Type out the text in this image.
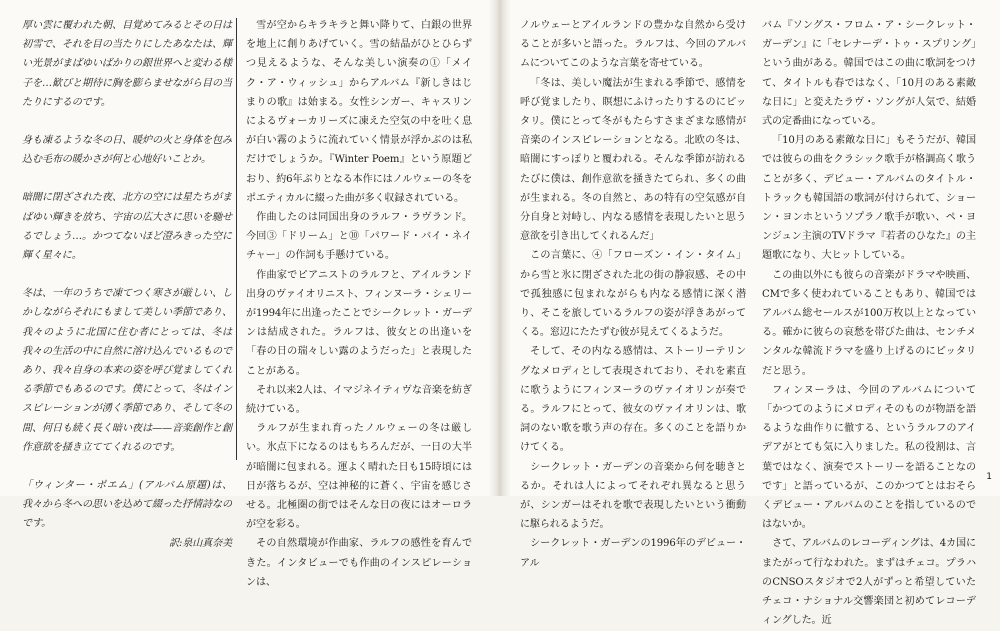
厚い雲に覆われた朝、目覚めてみるとその日は初雪で、それを目の当たりにしたあなたは、輝い光景がまばゆいばかりの銀世界へと変わる様子を…歓びと期待に胸を膨らませながら目の当たりにするのです。

身も凍るような冬の日、暖炉の火と身体を包み込む毛布の暖かさが何と心地好いことか。

暗闇に閉ざされた夜、北方の空には星たちがまばゆい輝きを放ち、宇宙の広大さに思いを馳せるでしょう…。かつてないほど澄みきった空に輝く星々に。

冬は、一年のうちで凍てつく寒さが厳しい、しかしながらそれにもまして美しい季節であり、我々のように北国に住む者にとっては、冬は我々の生活の中に自然に溶け込んでいるものであり、我々自身の本来の姿を呼び覚ましてくれる季節でもあるのです。僕にとって、冬はインスピレーションが湧く季節であり、そして冬の間、何日も続く長く暗い夜は——音楽創作と創作意欲を掻き立ててくれるのです。

「ウィンター・ポエム」(アルバム原題)は、我々から冬への思いを込めて綴った抒情詩なのです。

訳:泉山真奈美

雪が空からキラキラと舞い降りて、白銀の世界を地上に創りあげていく。雪の結晶がひとひらずつ見えるような、そんな美しい演奏の①「メイク・ア・ウィッシュ」からアルバム『新しきはじまりの歌』は始まる。女性シンガー、キャスリンによるヴォーカリーズに凍えた空気の中を吐く息が白い霧のように流れていく情景が浮かぶのは私だけでしょうか。『Winter Poem』という原題どおり、約6年ぶりとなる本作にはノルウェーの冬をポエティカルに綴った曲が多く収録されている。

作曲したのは同国出身のラルフ・ラヴランド。今回③「ドリーム」と⑩「パワード・バイ・ネイチャー」の作詞も手懸けている。

作曲家でピアニストのラルフと、アイルランド出身のヴァイオリニスト、フィンヌーラ・シェリーが1994年に出逢ったことでシークレット・ガーデンは結成された。ラルフは、彼女との出逢いを「春の日の瑞々しい露のようだった」と表現したことがある。

それ以来2人は、イマジネイティヴな音楽を紡ぎ続けている。

ラルフが生まれ育ったノルウェーの冬は厳しい。氷点下になるのはもちろんだが、一日の大半が暗闇に包まれる。運よく晴れた日も15時頃には日が落ちるが、空は神秘的に蒼く、宇宙を感じさせる。北極圏の街ではそんな日の夜にはオーロラが空を彩る。

その自然環境が作曲家、ラルフの感性を育んできた。インタビューでも作曲のインスピレーションは、

ノルウェーとアイルランドの豊かな自然から受けることが多いと語った。ラルフは、今回のアルバムについてこのような言葉を寄せている。

「冬は、美しい魔法が生まれる季節で、感情を呼び覚ましたり、瞑想にふけったりするのにピッタリ。僕にとって冬がもたらすさまざまな感情が音楽のインスピレーションとなる。北欧の冬は、暗闇にすっぽりと覆われる。そんな季節が訪れるたびに僕は、創作意欲を掻きたてられ、多くの曲が生まれる。冬の自然と、あの特有の空気感が自分自身と対峙し、内なる感情を表現したいと思う意欲を引き出してくれるんだ」

この言葉に、④「フローズン・イン・タイム」から雪と氷に閉ざされた北の街の静寂感、その中で孤独感に包まれながらも内なる感情に深く潜り、そこを旅しているラルフの姿が浮きあがってくる。窓辺にたたずむ彼が見えてくるようだ。

そして、その内なる感情は、ストーリーテリングなメロディとして表現されており、それを素直に歌うようにフィンヌーラのヴァイオリンが奏でる。ラルフにとって、彼女のヴァイオリンは、歌詞のない歌を歌う声の存在。多くのことを語りかけてくる。

シークレット・ガーデンの音楽から何を聴きとるか。それは人によってそれぞれ異なると思うが、シンガーはそれを歌で表現したいという衝動に駆られるようだ。

シークレット・ガーデンの1996年のデビュー・アル

バム『ソングス・フロム・ア・シークレット・ガーデン』に「セレナーデ・トゥ・スプリング」という曲がある。韓国ではこの曲に歌詞をつけて、タイトルも春ではなく、「10月のある素敵な日に」と変えたラヴ・ソングが人気で、結婚式の定番曲になっている。

「10月のある素敵な日に」もそうだが、韓国では彼らの曲をクラシック歌手が格調高く歌うことが多く、デビュー・アルバムのタイトル・トラックも韓国語の歌詞が付けられて、ショーン・ヨンホというソプラノ歌手が歌い、ペ・ヨンジュン主演のTVドラマ『若者のひなた』の主題歌になり、大ヒットしている。

この曲以外にも彼らの音楽がドラマや映画、CMで多く使われていることもあり、韓国ではアルバム総セールスが100万枚以上となっている。確かに彼らの哀愁を帯びた曲は、センチメンタルな韓流ドラマを盛り上げるのにピッタリだと思う。

フィンヌーラは、今回のアルバムについて「かつてのようにメロディそのものが物語を語るような曲作りに徹する、というラルフのアイデアがとても気に入りました。私の役割は、言葉ではなく、演奏でストーリーを語ることなのです」と語っているが、このかつてとはおそらくデビュー・アルバムのことを指しているのではないか。

さて、アルバムのレコーディングは、4カ国にまたがって行なわれた。まずはチェコ。プラハのCNSOスタジオで2人がずっと希望していたチェコ・ナショナル交響楽団と初めてレコーディングした。近

1
